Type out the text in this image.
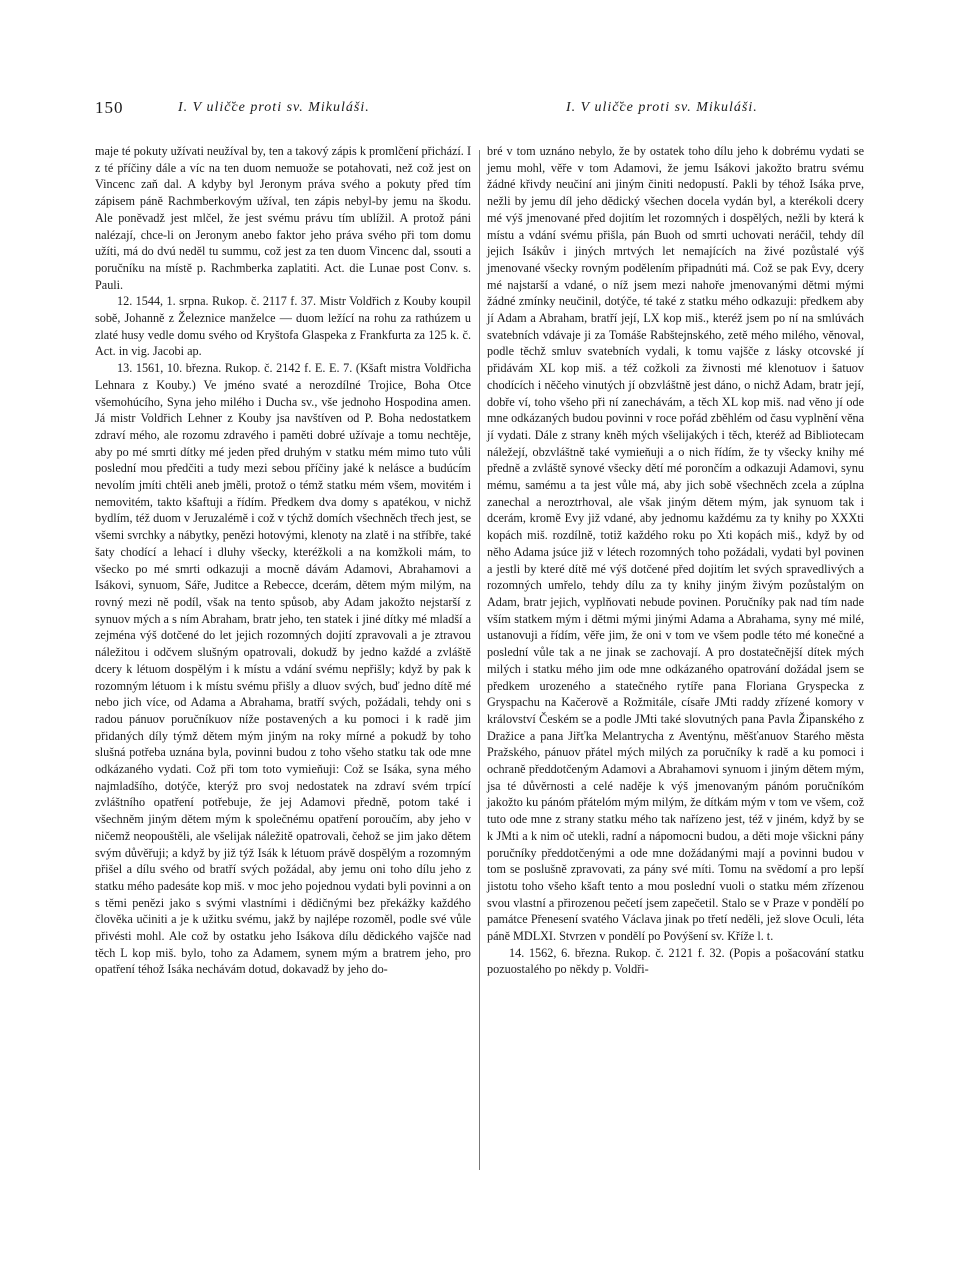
150	I. V ulič̆ce proti sv. Mikuláši.	I. V ulič̆ce proti sv. Mikuláši.

maje té pokuty užívati neužíval by, ten a takový zápis k promlčení přichází. I z té příčiny dále a víc na ten duom nemuože se potahovati, než což jest on Vincenc zaň dal. A kdyby byl Jeronym práva svého a pokuty před tím zápisem páně Rachmberkovým užíval, ten zápis nebyl-by jemu na škodu. Ale poněvadž jest mlčel, že jest svému právu tím ublížil. A protož páni nalézají, chce-li on Jeronym anebo faktor jeho práva svého při tom domu užíti, má do dvú neděl tu summu, což jest za ten duom Vincenc dal, ssouti a poručníku na místě p. Rachmberka zaplatiti. Act. die Lunae post Conv. s. Pauli.

12. 1544, 1. srpna. Rukop. č. 2117 f. 37. Mistr Voldřich z Kouby koupil sobě, Johanně z Železnice manželce — duom ležící na rohu za rathúzem u zlaté husy vedle domu svého od Kryštofa Glaspeka z Frankfurta za 125 k. č. Act. in vig. Jacobi ap.

13. 1561, 10. března. Rukop. č. 2142 f. E. E. 7. (Kšaft mistra Voldřicha Lehnara z Kouby.) Ve jméno svaté a nerozdílné Trojice, Boha Otce všemohúcího, Syna jeho milého i Ducha sv., vše jednoho Hospodina amen. Já mistr Voldřich Lehner z Kouby jsa navštíven od P. Boha nedostatkem zdraví mého, ale rozomu zdravého i paměti dobré užívaje a tomu nechtěje, aby po mé smrti dítky mé jeden před druhým v statku mém mimo tuto vůli poslední mou předčiti a tudy mezi sebou příčiny jaké k nelásce a budúcím nevolím jmíti chtěli aneb jměli, protož o témž statku mém všem, movitém i nemovitém, takto kšaftuji a řídím. Předkem dva domy s apatékou, v nichž bydlím, též duom v Jeruzalémě i což v týchž domích všechněch třech jest, se všemi svrchky a nábytky, penězi hotovými, klenoty na zlatě i na stříbře, také šaty chodící a lehací i dluhy všecky, kteréžkoli a na komžkoli mám, to všecko po mé smrti odkazuji a mocně dávám Adamovi, Abrahamovi a Isákovi, synuom, Sáře, Juditce a Rebecce, dcerám, dětem mým milým, na rovný mezi ně podíl, však na tento spůsob, aby Adam jakožto nejstarší z synuov mých a s ním Abraham, bratr jeho, ten statek i jiné dítky mé mladší a zejména výš dotčené do let jejich rozomných dojití zpravovali a je ztravou náležitou i odčvem slušným opatrovali, dokudž by jedno každé a zvláště dcery k létuom dospělým i k místu a vdání svému nepřišly; když by pak k rozomným létuom i k místu svému přišly a dluov svých, buď jedno dítě mé nebo jich více, od Adama a Abrahama, bratří svých, požádali, tehdy oni s radou pánuov poručníkuov níže postavených a ku pomoci i k radě jim přidaných díly týmž dětem mým jiným na roky mírné a pokudž by toho slušná potřeba uznána byla, povinni budou z toho všeho statku tak ode mne odkázaného vydati. Což při tom toto vymieňuji: Což se Isáka, syna mého najmladšího, dotýče, kterýž pro svoj nedostatek na zdraví svém trpící zvláštního opatření potřebuje, že jej Adamovi předně, potom také i všechněm jiným dětem mým k společnému opatření poroučím, aby jeho v ničemž neopouštěli, ale všelijak náležitě opatrovali, čehož se jim jako dětem svým důvěřuji; a když by již týž Isák k létuom právě dospělým a rozomným přišel a dílu svého od bratří svých požádal, aby jemu oni toho dílu jeho z statku mého padesáte kop miš. v moc jeho pojednou vydati byli povinni a on s těmi penězi jako s svými vlastními i dědičnými bez překážky každého člověka učiniti a je k užitku svému, jakž by najlépe rozoměl, podle své vůle přivésti mohl. Ale což by ostatku jeho Isákova dílu dědického vajšče nad těch L kop miš. bylo, toho za Adamem, synem mým a bratrem jeho, pro opatření téhož Isáka nechávám dotud, dokavadž by jeho do-

bré v tom uznáno nebylo, že by ostatek toho dílu jeho k dobrému vydati se jemu mohl, věře v tom Adamovi, že jemu Isákovi jakožto bratru svému žádné křivdy neučiní ani jiným činiti nedopustí. Pakli by téhož Isáka prve, nežli by jemu díl jeho dědický všechen docela vydán byl, a kterékoli dcery mé výš jmenované před dojitím let rozomných i dospělých, nežli by která k místu a vdání svému přišla, pán Buoh od smrti uchovati neráčil, tehdy díl jejich Isákův i jiných mrtvých let nemajících na živé pozůstalé výš jmenované všecky rovným podělením připadnúti má. Což se pak Evy, dcery mé najstarší a vdané, o níž jsem mezi nahoře jmenovanými dětmi mými žádné zmínky neučinil, dotýče, té také z statku mého odkazuji: předkem aby jí Adam a Abraham, bratří její, LX kop miš., kteréž jsem po ní na smlúvách svatebních vdávaje ji za Tomáše Rabštejnského, zetě mého milého, věnoval, podle těchž smluv svatebních vydali, k tomu vajšče z lásky otcovské jí přidávám XL kop miš. a též cožkoli za živnosti mé klenotuov i šatuov chodících i něčeho vinutých jí obzvláštně jest dáno, o nichž Adam, bratr její, dobře ví, toho všeho při ní zanechávám, a těch XL kop miš. nad věno jí ode mne odkázaných budou povinni v roce pořád zběhlém od času vyplnění věna jí vydati. Dále z strany kněh mých všelijakých i těch, kteréž ad Bibliotecam náležejí, obzvláštně také vymieňuji a o nich řídím, že ty všecky knihy mé předně a zvláště synové všecky dětí mé porončím a odkazuji Adamovi, synu mému, samému a ta jest vůle má, aby jich sobě všechněch zcela a zúplna zanechal a neroztrhoval, ale však jiným dětem mým, jak synuom tak i dcerám, kromě Evy již vdané, aby jednomu každému za ty knihy po XXXti kopách miš. rozdílně, totiž každého roku po Xti kopách miš., když by od něho Adama jsúce již v létech rozomných toho požádali, vydati byl povinen a jestli by které dítě mé výš dotčené před dojitím let svých spravedlivých a rozomných umřelo, tehdy dílu za ty knihy jiným živým pozůstalým on Adam, bratr jejich, vyplňovati nebude povinen. Poručníky pak nad tím nade vším statkem mým i dětmi mými jinými Adama a Abrahama, syny mé milé, ustanovuji a řídím, věře jim, že oni v tom ve všem podle této mé konečné a poslední vůle tak a ne jinak se zachovají. A pro dostatečnější dítek mých milých i statku mého jim ode mne odkázaného opatrování dožádal jsem se předkem urozeného a statečného rytíře pana Floriana Gryspecka z Gryspachu na Kačerově a Rožmitále, císaře JMti raddy zřízené komory v království Českém se a podle JMti také slovutných pana Pavla Žipanského z Dražice a pana Jiřťka Melantrycha z Aventýnu, měšťanuov Starého města Pražského, pánuov přátel mých milých za poručníky k radě a ku pomoci i ochraně předdotčeným Adamovi a Abrahamovi synuom i jiným dětem mým, jsa té důvěrnosti a celé naděje k výš jmenovaným pánóm poručníkóm jakožto ku pánóm přátelóm mým milým, že dítkám mým v tom ve všem, což tuto ode mne z strany statku mého tak nařízeno jest, též v jiném, když by se k JMti a k nim oč utekli, radní a nápomocni budou, a děti moje všickni pány poručníky předdotčenými a ode mne dožádanými mají a povinni budou v tom se poslušně zpravovati, za pány své míti. Tomu na svědomí a pro lepší jistotu toho všeho kšaft tento a mou poslední vuoli o statku mém zřízenou svou vlastní a přirozenou pečetí jsem zapečetil. Stalo se v Praze v pondělí po památce Přenesení svatého Václava jinak po třetí neděli, jež slove Oculi, léta páně MDLXI. Stvrzen v pondělí po Povýšení sv. Kříže l. t.

14. 1562, 6. března. Rukop. č. 2121 f. 32. (Popis a pošacování statku pozuostalého po někdy p. Voldři-
